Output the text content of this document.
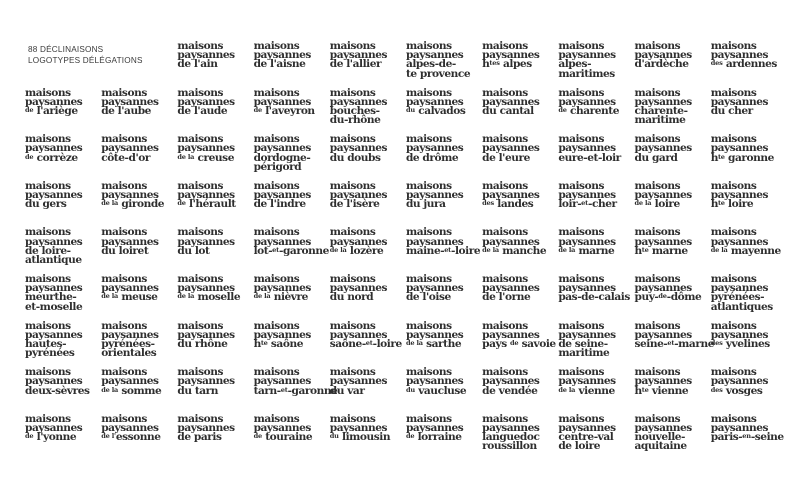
88 DÉCLINAISONS
LOGOTYPES DÉLÉGATIONS
maisons
paysannes
de l'ain
maisons
paysannes
de l'aisne
maisons
paysannes
de l'allier
maisons
paysannes
alpes-de-
te provence
maisons
paysannes
htes alpes
maisons
paysannes
alpes-
maritimes
maisons
paysannes
d'ardèche
maisons
paysannes
des ardennes
maisons
paysannes
de l'ariège
maisons
paysannes
de l'aube
maisons
paysannes
de l'aude
maisons
paysannes
de l'aveyron
maisons
paysannes
bouches-
du-rhône
maisons
paysannes
du calvados
maisons
paysannes
du cantal
maisons
paysannes
de charente
maisons
paysannes
charente-
maritime
maisons
paysannes
du cher
maisons
paysannes
de corrèze
maisons
paysannes
côte-d'or
maisons
paysannes
de la creuse
maisons
paysannes
dordogne-
périgord
maisons
paysannes
du doubs
maisons
paysannes
de drôme
maisons
paysannes
de l'eure
maisons
paysannes
eure-et-loir
maisons
paysannes
du gard
maisons
paysannes
hte garonne
maisons
paysannes
du gers
maisons
paysannes
de la gironde
maisons
paysannes
de l'hérault
maisons
paysannes
de l'indre
maisons
paysannes
de l'isère
maisons
paysannes
du jura
maisons
paysannes
des landes
maisons
paysannes
loir-et-cher
maisons
paysannes
de la loire
maisons
paysannes
hte loire
maisons
paysannes
de loire-
atlantique
maisons
paysannes
du loiret
maisons
paysannes
du lot
maisons
paysannes
lot-et-garonne
maisons
paysannes
de la lozère
maisons
paysannes
maine-et-loire
maisons
paysannes
de la manche
maisons
paysannes
de la marne
maisons
paysannes
hte marne
maisons
paysannes
de la mayenne
maisons
paysannes
meurthe-
et-moselle
maisons
paysannes
de la meuse
maisons
paysannes
de la moselle
maisons
paysannes
de la nièvre
maisons
paysannes
du nord
maisons
paysannes
de l'oise
maisons
paysannes
de l'orne
maisons
paysannes
pas-de-calais
maisons
paysannes
puy-de-dôme
maisons
paysannes
pyrénées-
atlantiques
maisons
paysannes
hautes-
pyrénées
maisons
paysannes
pyrénées-
orientales
maisons
paysannes
du rhône
maisons
paysannes
hte saône
maisons
paysannes
saône-et-loire
maisons
paysannes
de la sarthe
maisons
paysannes
pays de savoie
maisons
paysannes
de seine-
maritime
maisons
paysannes
seine-et-marne
maisons
paysannes
des yvelines
maisons
paysannes
deux-sèvres
maisons
paysannes
de la somme
maisons
paysannes
du tarn
maisons
paysannes
tarn-et-garonne
maisons
paysannes
du var
maisons
paysannes
du vaucluse
maisons
paysannes
de vendée
maisons
paysannes
de la vienne
maisons
paysannes
hte vienne
maisons
paysannes
des vosges
maisons
paysannes
de l'yonne
maisons
paysannes
de l'essonne
maisons
paysannes
de paris
maisons
paysannes
de touraine
maisons
paysannes
du limousin
maisons
paysannes
de lorraine
maisons
paysannes
languedoc
roussillon
maisons
paysannes
centre-val
de loire
maisons
paysannes
nouvelle-
aquitaine
maisons
paysannes
paris-en-seine
